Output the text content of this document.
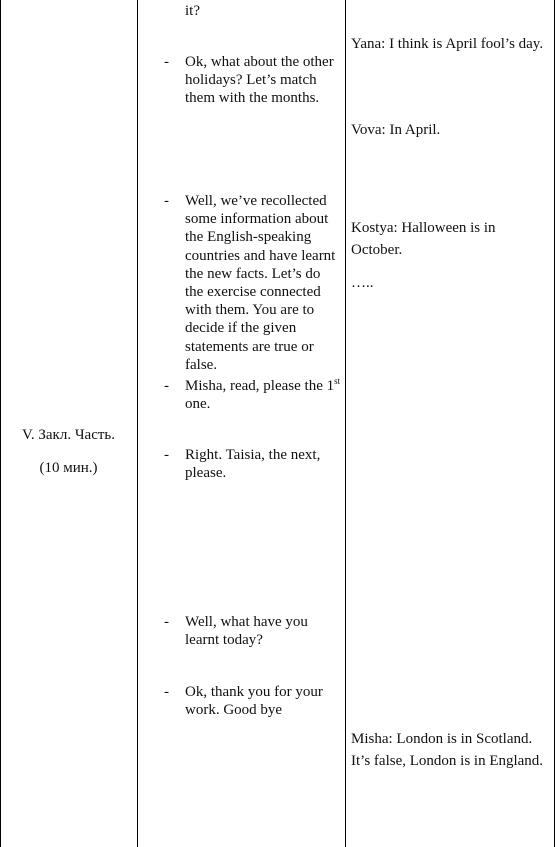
V. Закл. Часть.
(10 мин.)
it?
- Ok, what about the other holidays? Let’s match them with the months.
- Well, we’ve recollected some information about the English-speaking countries and have learnt the new facts. Let’s do the exercise connected with them. You are to decide if the given statements are true or false.
- Misha, read, please the 1st one.
- Right. Taisia, the next, please.
- Well, what have you learnt today?
- Ok, thank you for your work. Good bye
Yana: I think is April fool’s day.
Vova: In April.
Kostya: Halloween is in October.
…..
Misha: London is in Scotland. It’s false, London is in England.
